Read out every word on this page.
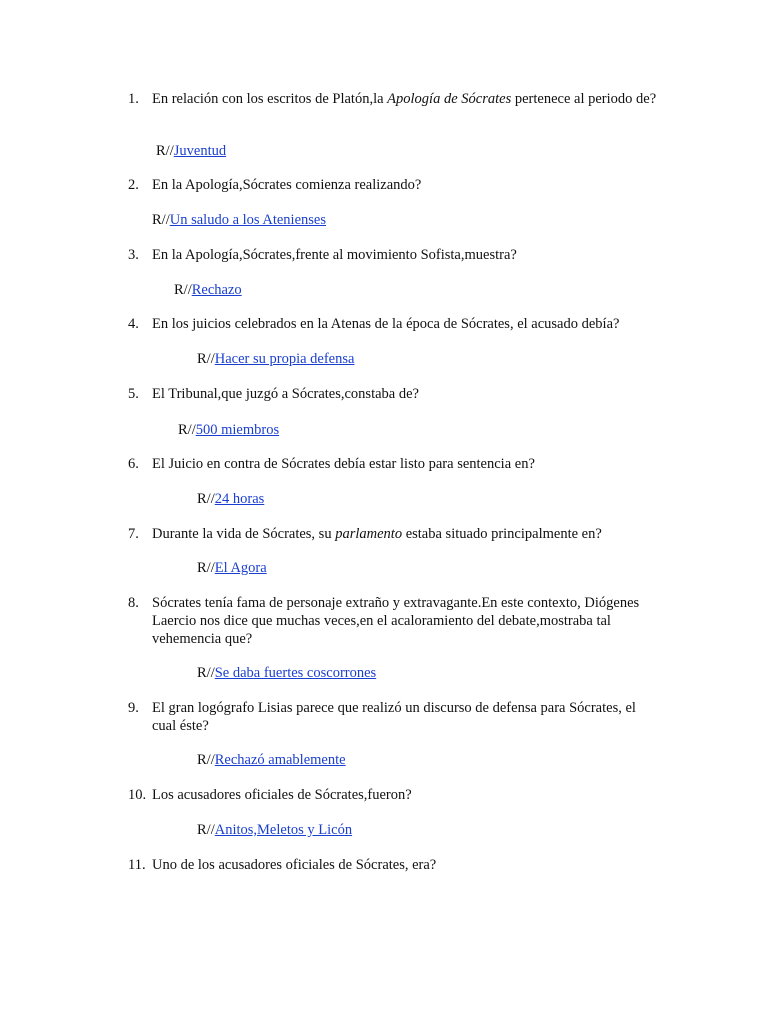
1. En relación con los escritos de Platón,la Apología de Sócrates pertenece al periodo de?
R//Juventud
2. En la Apología,Sócrates comienza realizando?
R//Un saludo a los Atenienses
3. En la Apología,Sócrates,frente al movimiento Sofista,muestra?
R//Rechazo
4. En los juicios celebrados en la Atenas de la época de Sócrates, el acusado debía?
R//Hacer su propia defensa
5. El Tribunal,que juzgó a Sócrates,constaba de?
R//500 miembros
6. El Juicio en contra de Sócrates debía estar listo para sentencia en?
R//24 horas
7. Durante la vida de Sócrates, su parlamento estaba situado principalmente en?
R//El Agora
8. Sócrates tenía fama de personaje extraño y extravagante.En este contexto, Diógenes Laercio nos dice que muchas veces,en el acaloramiento del debate,mostraba tal vehemencia que?
R//Se daba fuertes coscorrones
9. El gran logógrafo Lisias parece que realizó un discurso de defensa para Sócrates, el cual éste?
R//Rechazó amablemente
10. Los acusadores oficiales de Sócrates,fueron?
R//Anitos,Meletos y Licón
11. Uno de los acusadores oficiales de Sócrates, era?
